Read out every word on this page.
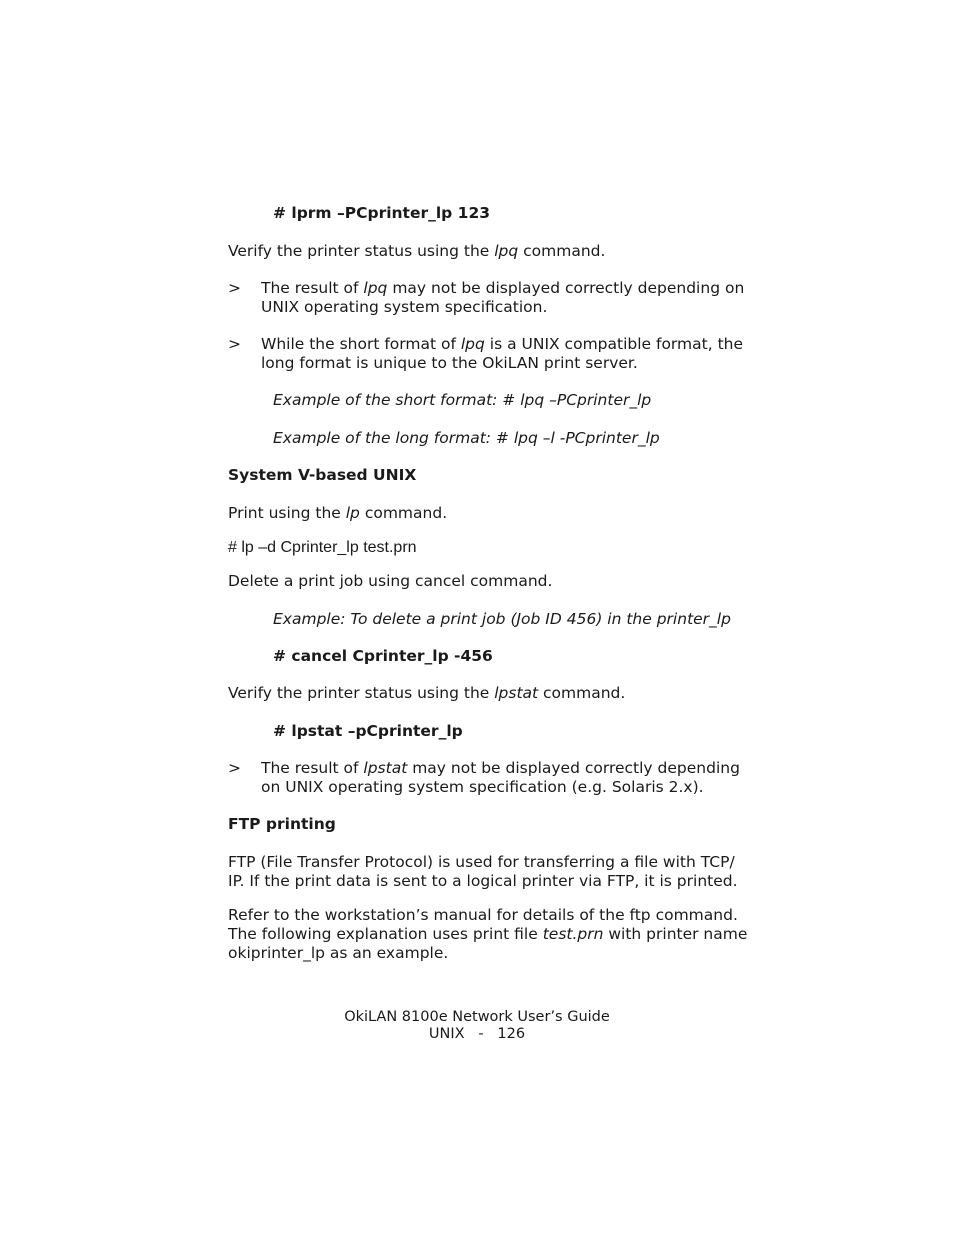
# lprm –PCprinter_lp 123
Verify the printer status using the lpq command.
> The result of lpq may not be displayed correctly depending on
UNIX operating system specification.
> While the short format of lpq is a UNIX compatible format, the
long format is unique to the OkiLAN print server.
Example of the short format: # lpq –PCprinter_lp
Example of the long format: # lpq –l -PCprinter_lp
System V-based UNIX
Print using the lp command.
# lp –d Cprinter_lp test.prn
Delete a print job using cancel command.
Example: To delete a print job (Job ID 456) in the printer_lp
# cancel Cprinter_lp -456
Verify the printer status using the lpstat command.
# lpstat –pCprinter_lp
> The result of lpstat may not be displayed correctly depending
on UNIX operating system specification (e.g. Solaris 2.x).
FTP printing
FTP (File Transfer Protocol) is used for transferring a file with TCP/
IP. If the print data is sent to a logical printer via FTP, it is printed.
Refer to the workstation’s manual for details of the ftp command.
The following explanation uses print file test.prn with printer name
okiprinter_lp as an example.
OkiLAN 8100e Network User’s Guide
UNIX   -   126
